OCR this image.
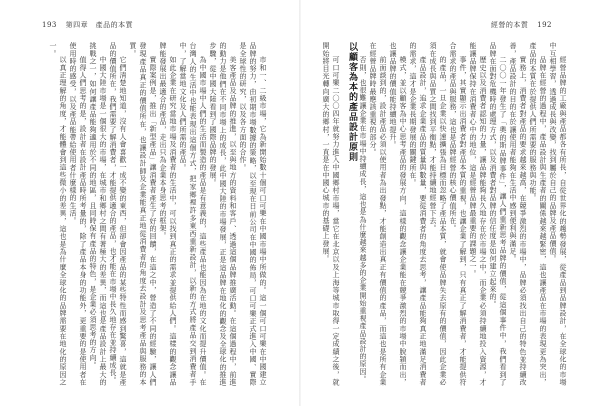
193 第四章　產品的本質

市和一、二級市場，它為新開始數十個可口可樂在中國市場中所做的。這一個可口可樂在中國建立品牌的努力，由初期市場數據的策略，以至現在日前公司在中國的佈局，可口可樂正式進入中國、實際是全球性的研究，以及各方面的合作。

美客產品及品牌的推進，以至與地方的資料和客戶、透過這個品牌推廣活動。在這個過程中，前進的動力是他們在不同市場上的成長，此中國大陸的市場發展，正是這品牌在地化的觀念及全球化的推進步驟，從中國大陸看到了國際品牌的發展。

為中國市場中人們的生活而製造的產品是有意義的，這些產品也能因為在地的文化而提升價值。在台灣人的生活中也能表現出這個方式，把家鄉裡許多東西重新設計，以新的方式將產品交到消費者手中，了解當地文化及人們所需的產品。

如此企業在研究當地市場及消費者的生活中，可以找到真正的需求並提供給人們。這樣的觀念讓品牌能發展出最適合的產品，走出只為企業本身思考的框架。

實際案例是，推出「新型產品」讓消費者產生了好的回饋，在這之中，營造了不同的經驗，讓人們發現產品真正的價值所在，也讓設計師及企業能真正地從消費者的角度去設計及思考產品與服務的本質。

它們清楚地知道，沒有人會喜歡一成不變的東西，但卻會因產品的某些特性而感到驚喜，這就是產品的價值所在，我們需要了解消費者，才能提供適合的產品，也才能在市場中長久地存在並持續成長。

中國大陸市場是一個很大的市場，在城市和鄉村之間有著極大的差異，而這也是產品設計上最大的挑戰之一，如何讓產品能夠適用於不同的地區，且同時保有產品的特色，是企業必須思考的方向。

值得人們思考的是，設計者在設計產品時所考量的，除了產品本身的功能外，更重要的是使用者在使用時的感受，以及產品能帶給使用者什麼樣的生活。

以真正理解的角度，才能體會到這些微小的差異，這也是為什麼全球化的品牌需要在地化的原因之一。

經營的本質 192

經營品牌的工廠與產品都各有所長，自從世界化的趨勢發展，從產品到品牌設計，在全球化的市場中互相學習，透過成長與改變，找到屬於自己的品牌及產品價值。

品牌在經營的過程中，產品設計與生產者的關係越來越緊密，這也讓產品在市場的表現更為突出，產品的本質在於提供人們所需要的服務與功能。

實務上，消費者對產品的要求越來越高，在競爭激烈的市場中，品牌必須找出自己的特色並持續改善，產品設計的目的在於讓使用者能夠在生活中感到便利與滿足。

二〇〇一年發生了「奧的斯品牌事件」，讓人們重新思考品牌的價值，從這個事件中，我們看到了品牌在面對危機時的處理方式，以及消費者對品牌的信任度是如何建立起來的。

歷史以及消費者認知的力量，讓品牌能夠長久地存在於市場之中，而企業必須持續地投入資源，才能讓品牌保持在消費者心中的地位，這是經營品牌最重要的課題之一。

事件，其實顯示出消費者對產品本質的重視，也讓企業了解到，只有真正了解消費者，才能提供符合需求的產品與服務，這也是品牌經營的核心價值所在。

的產品，一旦企業以快速擴張為目標而忽略了產品本質，就會使品牌失去原有的價值，因此企業必須在成長與品質之間找到平衡點，才能持續地經營下去。

產品設計，追求企業產品的質量與數量，要從消費者的角度去思考，讓產品能夠真正地滿足消費者的需求，這才是企業長期發展的關鍵所在。

模式，並以顧客為中心思考產品的發展方向，這樣的觀念讓企業能在競爭激烈的市場中脫穎而出，也讓品牌的價值能持續地提升。

前面談到的，設計產品必須以使用者為出發點，才能創造出真正有價值的產品，而這也是所有企業在經營品牌時最應該重視的部分。

否則，也很難讓企業在市場中持續成長，這也是為什麼越來越多的企業開始重視產品設計的原因。

以顧客為本的產品設計原則

可口可樂二〇〇四年就努力進入中國鄉村市場，當它在北京以及上海等城市取得一定成績之後，就開始將目光轉向廣大的鄉村，一直是在中國心城市的基礎上發展。
